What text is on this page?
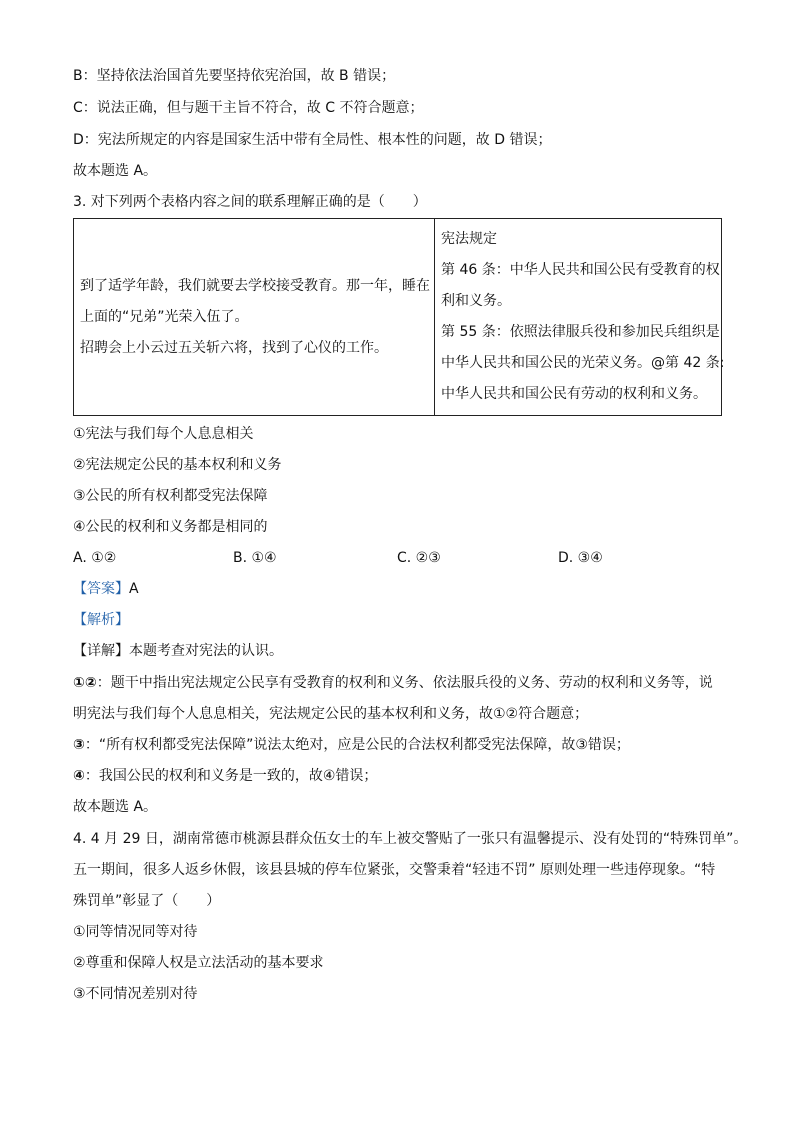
B：坚持依法治国首先要坚持依宪治国，故 B 错误；
C：说法正确，但与题干主旨不符合，故 C 不符合题意；
D：宪法所规定的内容是国家生活中带有全局性、根本性的问题，故 D 错误；
故本题选 A。
3. 对下列两个表格内容之间的联系理解正确的是（　　）
到了适学年龄，我们就要去学校接受教育。那一年，睡在
上面的“兄弟”光荣入伍了。
招聘会上小云过五关斩六将，找到了心仪的工作。

宪法规定
第 46 条：中华人民共和国公民有受教育的权
利和义务。
第 55 条：依照法律服兵役和参加民兵组织是
中华人民共和国公民的光荣义务。@第 42 条:
中华人民共和国公民有劳动的权利和义务。
①宪法与我们每个人息息相关
②宪法规定公民的基本权利和义务
③公民的所有权利都受宪法保障
④公民的权利和义务都是相同的
A. ①②	B. ①④	C. ②③	D. ③④
【答案】A
【解析】
【详解】本题考查对宪法的认识。
①②：题干中指出宪法规定公民享有受教育的权利和义务、依法服兵役的义务、劳动的权利和义务等，说
明宪法与我们每个人息息相关，宪法规定公民的基本权利和义务，故①②符合题意；
③：“所有权利都受宪法保障”说法太绝对，应是公民的合法权利都受宪法保障，故③错误；
④：我国公民的权利和义务是一致的，故④错误；
故本题选 A。
4. 4 月 29 日，湖南常德市桃源县群众伍女士的车上被交警贴了一张只有温馨提示、没有处罚的“特殊罚单”。
五一期间，很多人返乡休假，该县县城的停车位紧张，交警秉着“轻违不罚” 原则处理一些违停现象。“特
殊罚单”彰显了（　　）
①同等情况同等对待
②尊重和保障人权是立法活动的基本要求
③不同情况差别对待
